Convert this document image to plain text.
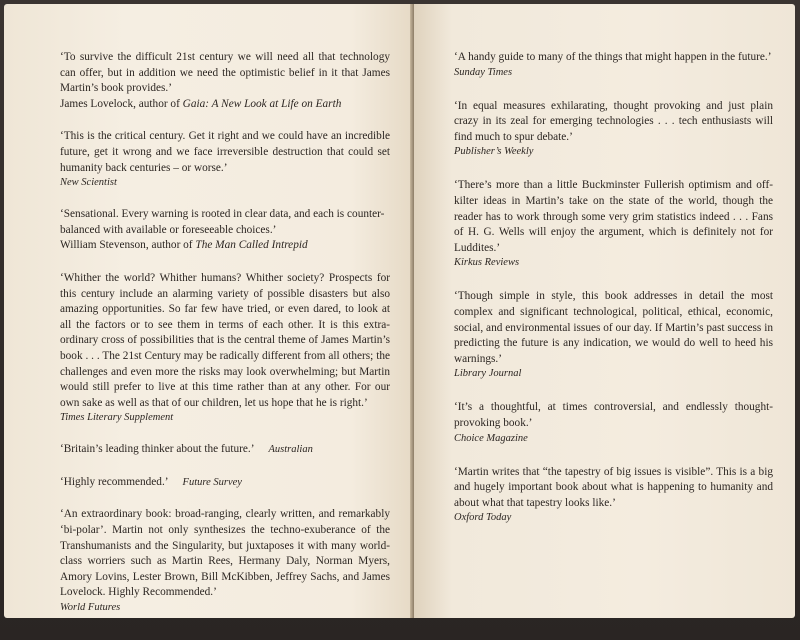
‘To survive the difficult 21st century we will need all that technology can offer, but in addition we need the optimistic belief in it that James Martin’s book provides.’

James Lovelock, author of Gaia: A New Look at Life on Earth

‘This is the critical century. Get it right and we could have an incredible future, get it wrong and we face irreversible destruction that could set humanity back centuries – or worse.’

New Scientist

‘Sensational. Every warning is rooted in clear data, and each is counter-balanced with available or foreseeable choices.’

William Stevenson, author of The Man Called Intrepid

‘Whither the world? Whither humans? Whither society? Prospects for this century include an alarming variety of possible disasters but also amazing opportunities. So far few have tried, or even dared, to look at all the factors or to see them in terms of each other. It is this extra-ordinary cross of possibilities that is the central theme of James Martin’s book . . . The 21st Century may be radically different from all others; the challenges and even more the risks may look overwhelming; but Martin would still prefer to live at this time rather than at any other. For our own sake as well as that of our children, let us hope that he is right.’

Times Literary Supplement

‘Britain’s leading thinker about the future.’ Australian

‘Highly recommended.’ Future Survey

‘An extraordinary book: broad-ranging, clearly written, and remarkably ‘bi-polar’. Martin not only synthesizes the techno-exuberance of the Transhumanists and the Singularity, but juxtaposes it with many world-class worriers such as Martin Rees, Hermany Daly, Norman Myers, Amory Lovins, Lester Brown, Bill McKibben, Jeffrey Sachs, and James Lovelock. Highly Recommended.’

World Futures

‘A handy guide to many of the things that might happen in the future.’

Sunday Times

‘In equal measures exhilarating, thought provoking and just plain crazy in its zeal for emerging technologies . . . tech enthusiasts will find much to spur debate.’

Publisher’s Weekly

‘There’s more than a little Buckminster Fullerish optimism and off-kilter ideas in Martin’s take on the state of the world, though the reader has to work through some very grim statistics indeed . . . Fans of H. G. Wells will enjoy the argument, which is definitely not for Luddites.’

Kirkus Reviews

‘Though simple in style, this book addresses in detail the most complex and significant technological, political, ethical, economic, social, and environmental issues of our day. If Martin’s past success in predicting the future is any indication, we would do well to heed his warnings.’

Library Journal

‘It’s a thoughtful, at times controversial, and endlessly thought-provoking book.’

Choice Magazine

‘Martin writes that “the tapestry of big issues is visible”. This is a big and hugely important book about what is happening to humanity and about what that tapestry looks like.’

Oxford Today
